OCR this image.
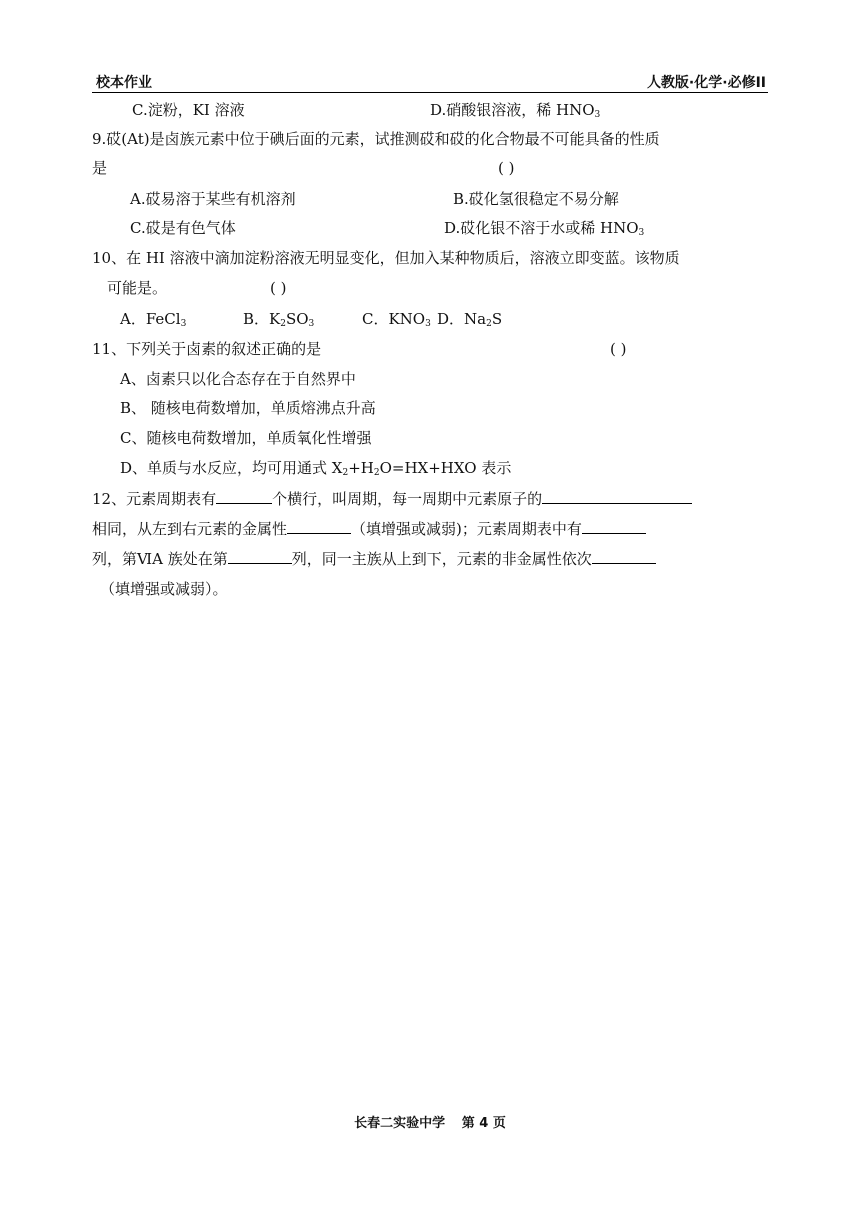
校本作业	人教版·化学·必修II
C.淀粉，KI 溶液	D.硝酸银溶液，稀 $HNO_3$
9.砹(At)是卤族元素中位于碘后面的元素，试推测砹和砹的化合物最不可能具备的性质
是	( )
A.砹易溶于某些有机溶剂	B.砹化氢很稳定不易分解
C.砹是有色气体	D.砹化银不溶于水或稀 $HNO_3$
10、在 HI 溶液中滴加淀粉溶液无明显变化，但加入某种物质后，溶液立即变蓝。该物质
可能是。	( )
A．FeCl$_3$	B．$K_2SO_3$	C．$KNO_3$ D．$Na_2S$
11、下列关于卤素的叙述正确的是	( )
A、卤素只以化合态存在于自然界中
B、 随核电荷数增加，单质熔沸点升高
C、随核电荷数增加，单质氧化性增强
D、单质与水反应，均可用通式 $X_2+H_2O=HX+HXO$ 表示
12、元素周期表有	个横行，叫周期，每一周期中元素原子的
相同，从左到右元素的金属性	（填增强或减弱)；元素周期表中有
列，第ⅥA 族处在第	列，同一主族从上到下，元素的非金属性依次
（填增强或减弱）。
长春二实验中学 第 4 页
